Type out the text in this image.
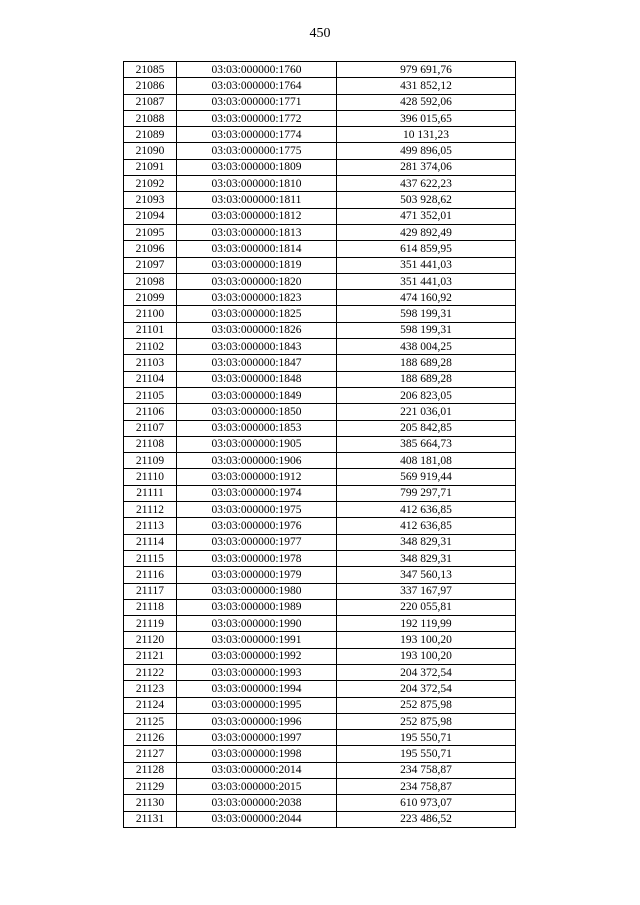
450
21085	03:03:000000:1760	979 691,76
21086	03:03:000000:1764	431 852,12
21087	03:03:000000:1771	428 592,06
21088	03:03:000000:1772	396 015,65
21089	03:03:000000:1774	10 131,23
21090	03:03:000000:1775	499 896,05
21091	03:03:000000:1809	281 374,06
21092	03:03:000000:1810	437 622,23
21093	03:03:000000:1811	503 928,62
21094	03:03:000000:1812	471 352,01
21095	03:03:000000:1813	429 892,49
21096	03:03:000000:1814	614 859,95
21097	03:03:000000:1819	351 441,03
21098	03:03:000000:1820	351 441,03
21099	03:03:000000:1823	474 160,92
21100	03:03:000000:1825	598 199,31
21101	03:03:000000:1826	598 199,31
21102	03:03:000000:1843	438 004,25
21103	03:03:000000:1847	188 689,28
21104	03:03:000000:1848	188 689,28
21105	03:03:000000:1849	206 823,05
21106	03:03:000000:1850	221 036,01
21107	03:03:000000:1853	205 842,85
21108	03:03:000000:1905	385 664,73
21109	03:03:000000:1906	408 181,08
21110	03:03:000000:1912	569 919,44
21111	03:03:000000:1974	799 297,71
21112	03:03:000000:1975	412 636,85
21113	03:03:000000:1976	412 636,85
21114	03:03:000000:1977	348 829,31
21115	03:03:000000:1978	348 829,31
21116	03:03:000000:1979	347 560,13
21117	03:03:000000:1980	337 167,97
21118	03:03:000000:1989	220 055,81
21119	03:03:000000:1990	192 119,99
21120	03:03:000000:1991	193 100,20
21121	03:03:000000:1992	193 100,20
21122	03:03:000000:1993	204 372,54
21123	03:03:000000:1994	204 372,54
21124	03:03:000000:1995	252 875,98
21125	03:03:000000:1996	252 875,98
21126	03:03:000000:1997	195 550,71
21127	03:03:000000:1998	195 550,71
21128	03:03:000000:2014	234 758,87
21129	03:03:000000:2015	234 758,87
21130	03:03:000000:2038	610 973,07
21131	03:03:000000:2044	223 486,52
